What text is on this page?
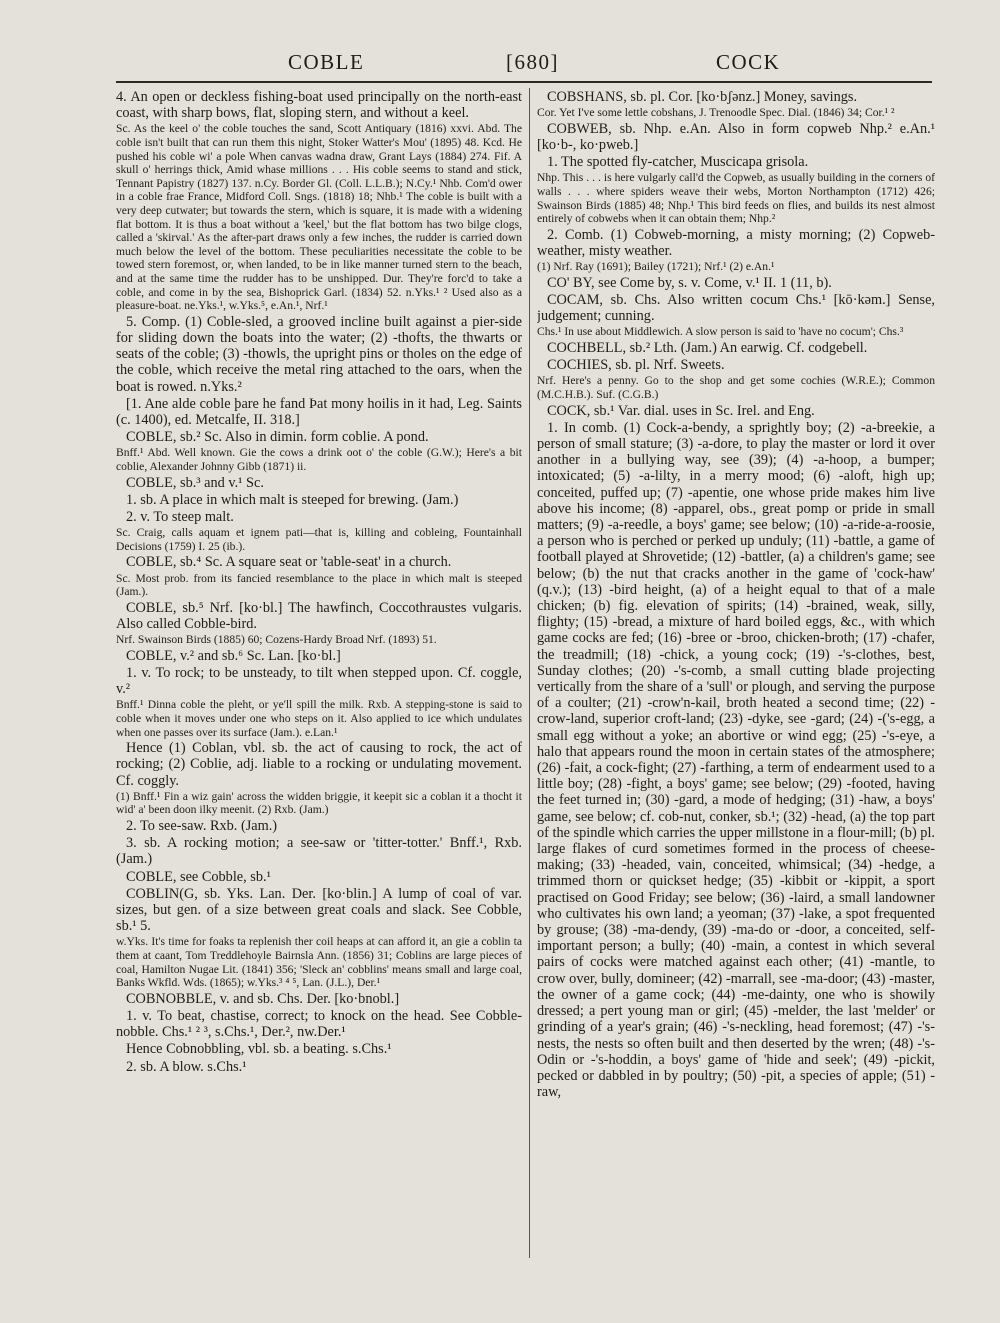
COBLE	[680]	COCK

4. An open or deckless fishing-boat used principally on the north-east coast, with sharp bows, flat, sloping stern, and without a keel.

Sc. As the keel o' the coble touches the sand, Scott Antiquary (1816) xxvi. Abd. The coble isn't built that can run them this night, Stoker Watter's Mou' (1895) 48. Kcd. He pushed his coble wi' a pole When canvas wadna draw, Grant Lays (1884) 274. Fif. A skull o' herrings thick, Amid whase millions . . . His coble seems to stand and stick, Tennant Papistry (1827) 137. n.Cy. Border Gl. (Coll. L.L.B.); N.Cy.¹ Nhb. Com'd ower in a coble frae France, Midford Coll. Sngs. (1818) 18; Nhb.¹ The coble is built with a very deep cutwater; but towards the stern, which is square, it is made with a widening flat bottom. It is thus a boat without a 'keel,' but the flat bottom has two bilge clogs, called a 'skirval.' As the after-part draws only a few inches, the rudder is carried down much below the level of the bottom. These peculiarities necessitate the coble to be towed stern foremost, or, when landed, to be in like manner turned stern to the beach, and at the same time the rudder has to be unshipped. Dur. They're forc'd to take a coble, and come in by the sea, Bishoprick Garl. (1834) 52. n.Yks.¹ ² Used also as a pleasure-boat. ne.Yks.¹, w.Yks.⁵, e.An.¹, Nrf.¹

5. Comp. (1) Coble-sled, a grooved incline built against a pier-side for sliding down the boats into the water; (2) -thofts, the thwarts or seats of the coble; (3) -thowls, the upright pins or tholes on the edge of the coble, which receive the metal ring attached to the oars, when the boat is rowed. n.Yks.²

[1. Ane alde coble þare he fand Þat mony hoilis in it had, Leg. Saints (c. 1400), ed. Metcalfe, II. 318.]

COBLE, sb.² Sc. Also in dimin. form coblie. A pond.

Bnff.¹ Abd. Well known. Gie the cows a drink oot o' the coble (G.W.); Here's a bit coblie, Alexander Johnny Gibb (1871) ii.

COBLE, sb.³ and v.¹ Sc.

1. sb. A place in which malt is steeped for brewing. (Jam.)

2. v. To steep malt.

Sc. Craig, calls aquam et ignem pati—that is, killing and cobleing, Fountainhall Decisions (1759) I. 25 (ib.).

COBLE, sb.⁴ Sc. A square seat or 'table-seat' in a church.

Sc. Most prob. from its fancied resemblance to the place in which malt is steeped (Jam.).

COBLE, sb.⁵ Nrf. [ko·bl.] The hawfinch, Coccothraustes vulgaris. Also called Cobble-bird.

Nrf. Swainson Birds (1885) 60; Cozens-Hardy Broad Nrf. (1893) 51.

COBLE, v.² and sb.⁶ Sc. Lan. [ko·bl.]

1. v. To rock; to be unsteady, to tilt when stepped upon. Cf. coggle, v.²

Bnff.¹ Dinna coble the pleht, or ye'll spill the milk. Rxb. A stepping-stone is said to coble when it moves under one who steps on it. Also applied to ice which undulates when one passes over its surface (Jam.). e.Lan.¹

Hence (1) Coblan, vbl. sb. the act of causing to rock, the act of rocking; (2) Coblie, adj. liable to a rocking or undulating movement. Cf. coggly.

(1) Bnff.¹ Fin a wiz gain' across the widden briggie, it keepit sic a coblan it a thocht it wid' a' been doon ilky meenit. (2) Rxb. (Jam.)

2. To see-saw. Rxb. (Jam.)

3. sb. A rocking motion; a see-saw or 'titter-totter.' Bnff.¹, Rxb. (Jam.)

COBLE, see Cobble, sb.¹

COBLIN(G, sb. Yks. Lan. Der. [ko·blin.] A lump of coal of var. sizes, but gen. of a size between great coals and slack. See Cobble, sb.¹ 5.

w.Yks. It's time for foaks ta replenish ther coil heaps at can afford it, an gie a coblin ta them at caant, Tom Treddlehoyle Bairnsla Ann. (1856) 31; Coblins are large pieces of coal, Hamilton Nugae Lit. (1841) 356; 'Sleck an' cobblins' means small and large coal, Banks Wkfld. Wds. (1865); w.Yks.³ ⁴ ⁵, Lan. (J.L.), Der.¹

COBNOBBLE, v. and sb. Chs. Der. [ko·bnobl.]

1. v. To beat, chastise, correct; to knock on the head. See Cobble-nobble. Chs.¹ ² ³, s.Chs.¹, Der.², nw.Der.¹

Hence Cobnobbling, vbl. sb. a beating. s.Chs.¹

2. sb. A blow. s.Chs.¹

COBSHANS, sb. pl. Cor. [ko·bʃənz.] Money, savings.

Cor. Yet I've some lettle cobshans, J. Trenoodle Spec. Dial. (1846) 34; Cor.¹ ²

COBWEB, sb. Nhp. e.An. Also in form copweb Nhp.² e.An.¹ [ko·b-, ko·pweb.]

1. The spotted fly-catcher, Muscicapa grisola.

Nhp. This . . . is here vulgarly call'd the Copweb, as usually building in the corners of walls . . . where spiders weave their webs, Morton Northampton (1712) 426; Swainson Birds (1885) 48; Nhp.¹ This bird feeds on flies, and builds its nest almost entirely of cobwebs when it can obtain them; Nhp.²

2. Comb. (1) Cobweb-morning, a misty morning; (2) Copweb-weather, misty weather.

(1) Nrf. Ray (1691); Bailey (1721); Nrf.¹ (2) e.An.¹

CO' BY, see Come by, s. v. Come, v.¹ II. 1 (11, b).

COCAM, sb. Chs. Also written cocum Chs.¹ [kō·kəm.] Sense, judgement; cunning.

Chs.¹ In use about Middlewich. A slow person is said to 'have no cocum'; Chs.³

COCHBELL, sb.² Lth. (Jam.) An earwig. Cf. codgebell.

COCHIES, sb. pl. Nrf. Sweets.

Nrf. Here's a penny. Go to the shop and get some cochies (W.R.E.); Common (M.C.H.B.). Suf. (C.G.B.)

COCK, sb.¹ Var. dial. uses in Sc. Irel. and Eng.

1. In comb. (1) Cock-a-bendy, a sprightly boy; (2) -a-breekie, a person of small stature; (3) -a-dore, to play the master or lord it over another in a bullying way, see (39); (4) -a-hoop, a bumper; intoxicated; (5) -a-lilty, in a merry mood; (6) -aloft, high up; conceited, puffed up; (7) -apentie, one whose pride makes him live above his income; (8) -apparel, obs., great pomp or pride in small matters; (9) -a-reedle, a boys' game; see below; (10) -a-ride-a-roosie, a person who is perched or perked up unduly; (11) -battle, a game of football played at Shrovetide; (12) -battler, (a) a children's game; see below; (b) the nut that cracks another in the game of 'cock-haw' (q.v.); (13) -bird height, (a) of a height equal to that of a male chicken; (b) fig. elevation of spirits; (14) -brained, weak, silly, flighty; (15) -bread, a mixture of hard boiled eggs, &c., with which game cocks are fed; (16) -bree or -broo, chicken-broth; (17) -chafer, the treadmill; (18) -chick, a young cock; (19) -'s-clothes, best, Sunday clothes; (20) -'s-comb, a small cutting blade projecting vertically from the share of a 'sull' or plough, and serving the purpose of a coulter; (21) -crow'n-kail, broth heated a second time; (22) -crow-land, superior croft-land; (23) -dyke, see -gard; (24) -('s-egg, a small egg without a yoke; an abortive or wind egg; (25) -'s-eye, a halo that appears round the moon in certain states of the atmosphere; (26) -fait, a cock-fight; (27) -farthing, a term of endearment used to a little boy; (28) -fight, a boys' game; see below; (29) -footed, having the feet turned in; (30) -gard, a mode of hedging; (31) -haw, a boys' game, see below; cf. cob-nut, conker, sb.¹; (32) -head, (a) the top part of the spindle which carries the upper millstone in a flour-mill; (b) pl. large flakes of curd sometimes formed in the process of cheese-making; (33) -headed, vain, conceited, whimsical; (34) -hedge, a trimmed thorn or quickset hedge; (35) -kibbit or -kippit, a sport practised on Good Friday; see below; (36) -laird, a small landowner who cultivates his own land; a yeoman; (37) -lake, a spot frequented by grouse; (38) -ma-dendy, (39) -ma-do or -door, a conceited, self-important person; a bully; (40) -main, a contest in which several pairs of cocks were matched against each other; (41) -mantle, to crow over, bully, domineer; (42) -marrall, see -ma-door; (43) -master, the owner of a game cock; (44) -me-dainty, one who is showily dressed; a pert young man or girl; (45) -melder, the last 'melder' or grinding of a year's grain; (46) -'s-neckling, head foremost; (47) -'s-nests, the nests so often built and then deserted by the wren; (48) -'s-Odin or -'s-hoddin, a boys' game of 'hide and seek'; (49) -pickit, pecked or dabbled in by poultry; (50) -pit, a species of apple; (51) -raw,
